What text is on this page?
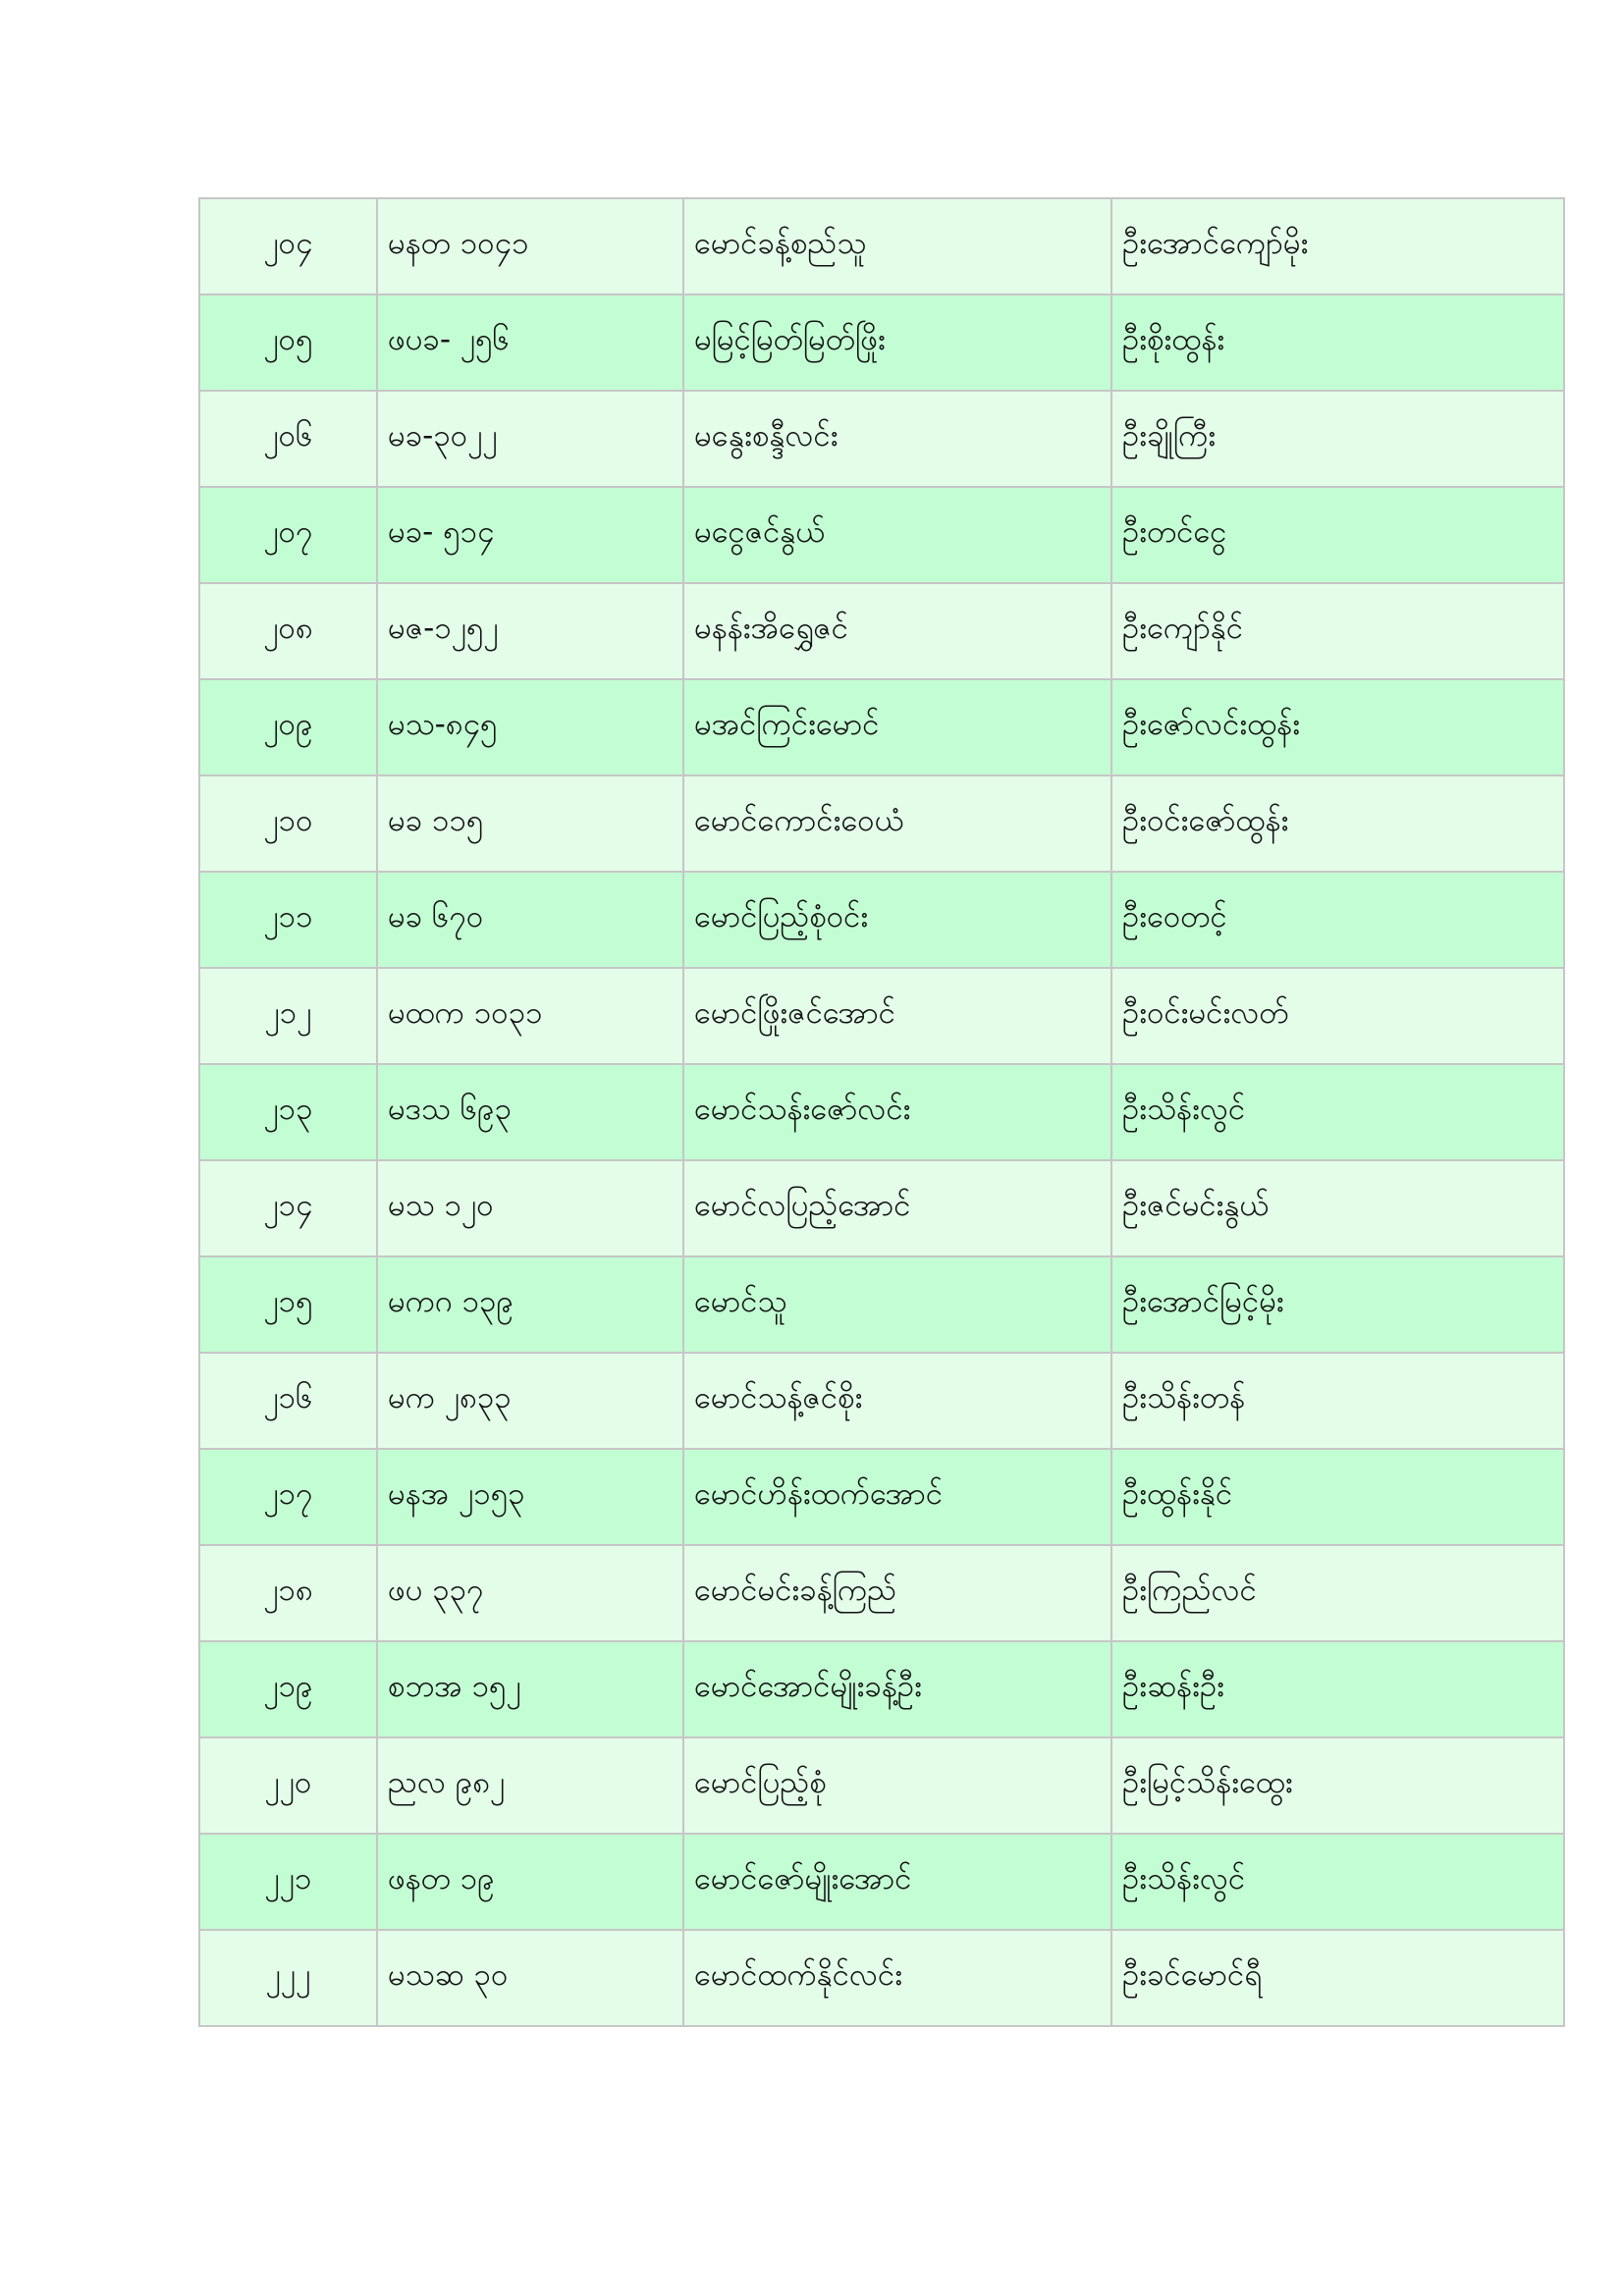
၂၀၄	မနတ ၁၀၄၁	မောင်ခန့်စည်သူ	ဦးအောင်ကျော်မိုး
၂၀၅	ဖပခ- ၂၅၆	မမြင့်မြတ်မြတ်ဖြိုး	ဦးစိုးထွန်း
၂၀၆	မခ-၃၀၂၂	မနွေးစန္ဒီလင်း	ဦးချိုကြီး
၂၀၇	မခ- ၅၁၄	မငွေဇင်နွယ်	ဦးတင်ငွေ
၂၀၈	မဇ-၁၂၅၂	မနန်းအိရွှေဇင်	ဦးကျော်နိုင်
၂၀၉	မသ-၈၄၅	မအင်ကြင်းမောင်	ဦးဇော်လင်းထွန်း
၂၁၀	မခ ၁၁၅	မောင်ကောင်းဝေယံ	ဦးဝင်းဇော်ထွန်း
၂၁၁	မခ ၆၇၀	မောင်ပြည့်စုံဝင်း	ဦးဝေတင့်
၂၁၂	မထက ၁၀၃၁	မောင်ဖြိုးဇင်အောင်	ဦးဝင်းမင်းလတ်
၂၁၃	မဒသ ၆၉၃	မောင်သန်းဇော်လင်း	ဦးသိန်းလွင်
၂၁၄	မသ ၁၂၀	မောင်လပြည့်အောင်	ဦးဇင်မင်းနွယ်
၂၁၅	မကဂ ၁၃၉	မောင်သူ	ဦးအောင်မြင့်မိုး
၂၁၆	မက ၂၈၃၃	မောင်သန့်ဇင်စိုး	ဦးသိန်းတန်
၂၁၇	မနအ ၂၁၅၃	မောင်ဟိန်းထက်အောင်	ဦးထွန်းနိုင်
၂၁၈	ဖပ ၃၃၇	မောင်မင်းခန့်ကြည်	ဦးကြည်လင်
၂၁၉	စဘအ ၁၅၂	မောင်အောင်မျိုးခန့်ဦး	ဦးဆန်းဦး
၂၂၀	ညလ ၉၈၂	မောင်ပြည့်စုံ	ဦးမြင့်သိန်းထွေး
၂၂၁	ဖနတ ၁၉	မောင်ဇော်မျိုးအောင်	ဦးသိန်းလွင်
၂၂၂	မသဆ ၃၀	မောင်ထက်နိုင်လင်း	ဦးခင်မောင်ရီ
